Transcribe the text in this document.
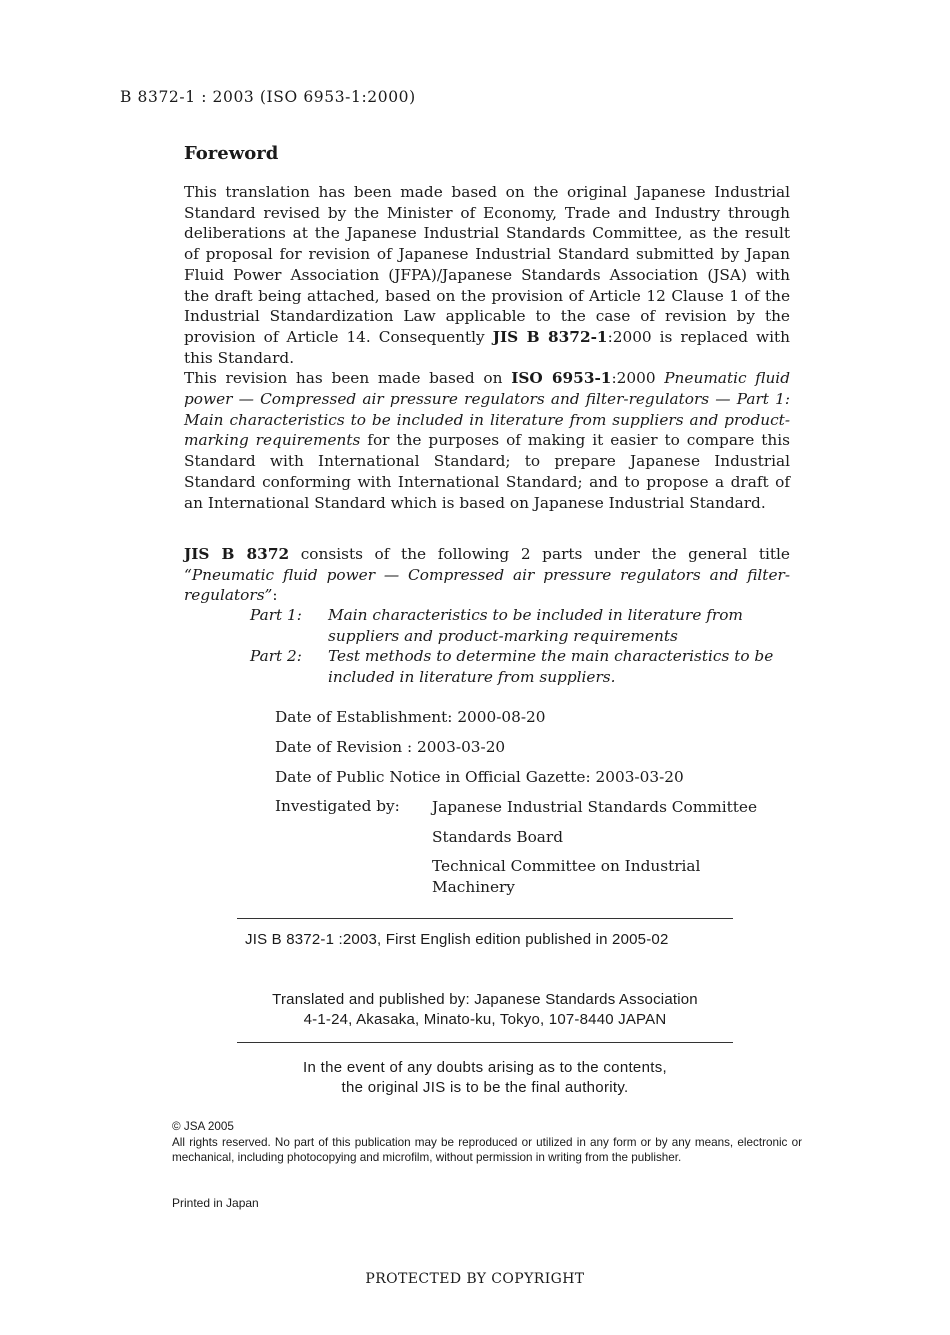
B 8372-1 : 2003 (ISO 6953-1:2000)
Foreword
This translation has been made based on the original Japanese Industrial Standard revised by the Minister of Economy, Trade and Industry through deliberations at the Japanese Industrial Standards Committee, as the result of proposal for revision of Japanese Industrial Standard submitted by Japan Fluid Power Association (JFPA)/Japanese Standards Association (JSA) with the draft being attached, based on the provision of Article 12 Clause 1 of the Industrial Standardization Law applicable to the case of revision by the provision of Article 14. Consequently JIS B 8372-1:2000 is replaced with this Standard.
This revision has been made based on ISO 6953-1:2000 Pneumatic fluid power — Compressed air pressure regulators and filter-regulators — Part 1: Main characteristics to be included in literature from suppliers and product-marking requirements for the purposes of making it easier to compare this Standard with International Standard; to prepare Japanese Industrial Standard conforming with International Standard; and to propose a draft of an International Standard which is based on Japanese Industrial Standard.
JIS B 8372 consists of the following 2 parts under the general title “Pneumatic fluid power — Compressed air pressure regulators and filter-regulators”:
Part 1:	Main characteristics to be included in literature from suppliers and product-marking requirements
Part 2:	Test methods to determine the main characteristics to be included in literature from suppliers.
Date of Establishment: 2000-08-20
Date of Revision : 2003-03-20
Date of Public Notice in Official Gazette: 2003-03-20
Investigated by:	Japanese Industrial Standards Committee
Standards Board
Technical Committee on Industrial Machinery
JIS B 8372-1 :2003, First English edition published in 2005-02
Translated and published by: Japanese Standards Association
4-1-24, Akasaka, Minato-ku, Tokyo, 107-8440 JAPAN
In the event of any doubts arising as to the contents,
the original JIS is to be the final authority.
© JSA 2005
All rights reserved. No part of this publication may be reproduced or utilized in any form or by any means, electronic or mechanical, including photocopying and microfilm, without permission in writing from the publisher.
Printed in Japan
PROTECTED BY COPYRIGHT
